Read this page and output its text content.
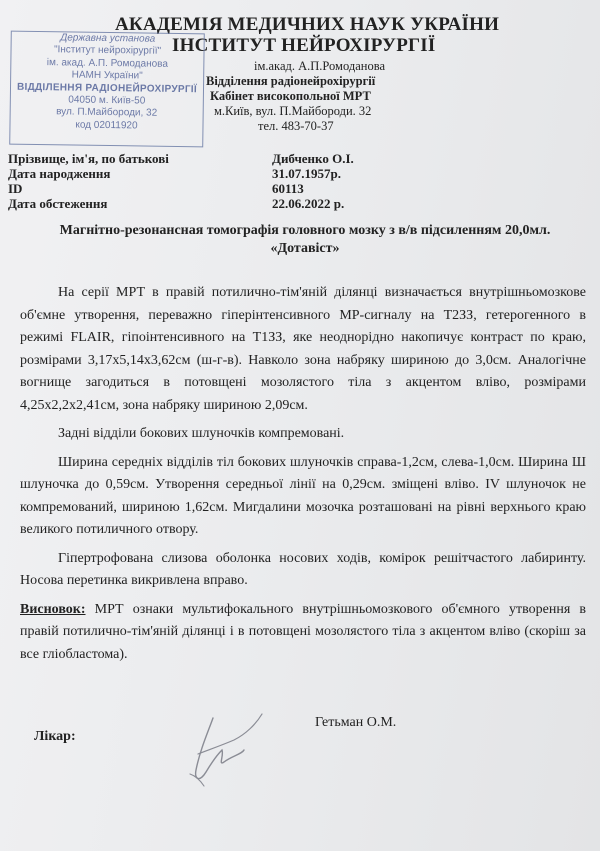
АКАДЕМІЯ МЕДИЧНИХ НАУК УКРАЇНИ
ІНСТИТУТ НЕЙРОХІРУРГІЇ
ім.акад. А.П.Ромоданова
Відділення радіонейрохірургії
Кабінет високопольної МРТ
м.Київ, вул. П.Майбороди. 32
тел. 483-70-37
Державна установа
"Інститут нейрохірургії"
ім. акад. А.П. Ромоданова
НАМН України"
ВІДДІЛЕННЯ РАДІОНЕЙРОХІРУРГІЇ
04050 м. Київ-50
вул. П.Майбороди, 32
код 02011920
Прізвище, ім'я, по батькові	Дибченко О.І.
Дата народження	31.07.1957р.
ID	60113
Дата обстеження	22.06.2022 р.
Магнітно-резонансная томографія головного мозку з в/в підсиленням 20,0мл.
«Дотавіст»

На серії МРТ в правій потилично-тім'яній ділянці визначається внутрішньомозкове об'ємне утворення, переважно гіперінтенсивного МР-сигналу на Т2ЗЗ, гетерогенного в режимі FLAIR, гіпоінтенсивного на Т1ЗЗ, яке неоднорідно накопичує контраст по краю, розмірами 3,17х5,14х3,62см (ш-г-в). Навколо зона набряку шириною до 3,0см. Аналогічне вогнище загодиться в потовщені мозолястого тіла з акцентом вліво, розмірами 4,25х2,2х2,41см, зона набряку шириною 2,09см.

Задні відділи бокових шлуночків компремовані.

Ширина середніх відділів тіл бокових шлуночків справа-1,2см, слева-1,0см. Ширина Ш шлуночка до 0,59см. Утворення середньої лінії на 0,29см. зміщені вліво. IV шлуночок не компремований, шириною 1,62см. Мигдалини мозочка розташовані на рівні верхнього краю великого потиличного отвору.

Гіпертрофована слизова оболонка носових ходів, комірок решітчастого лабиринту. Носова перетинка викривлена вправо.

Висновок: МРТ ознаки мультифокального внутрішньомозкового об'ємного утворення в правій потилично-тім'яній ділянці і в потовщені мозолястого тіла з акцентом вліво (скоріш за все гліобластома).

Лікар:
Гетьман О.М.
